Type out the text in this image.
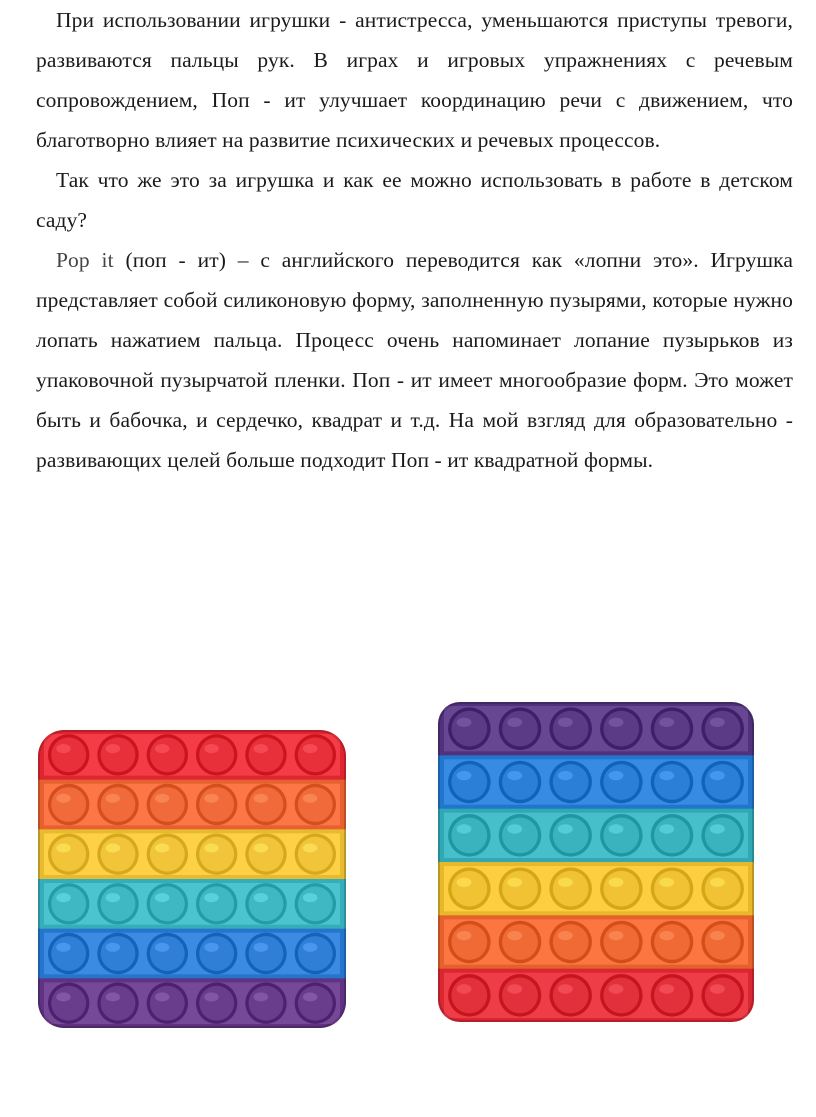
При использовании игрушки - антистресса, уменьшаются приступы тревоги, развиваются пальцы рук. В играх и игровых упражнениях с речевым сопровождением, Поп - ит улучшает координацию речи с движением, что благотворно влияет на развитие психических и речевых процессов.

Так что же это за игрушка и как ее можно использовать в работе в детском саду?

Pop it (поп - ит) – с английского переводится как «лопни это». Игрушка представляет собой силиконовую форму, заполненную пузырями, которые нужно лопать нажатием пальца. Процесс очень напоминает лопание пузырьков из упаковочной пузырчатой пленки. Поп - ит имеет многообразие форм. Это может быть и бабочка, и сердечко, квадрат и т.д. На мой взгляд для образовательно - развивающих целей больше подходит Поп - ит квадратной формы.
